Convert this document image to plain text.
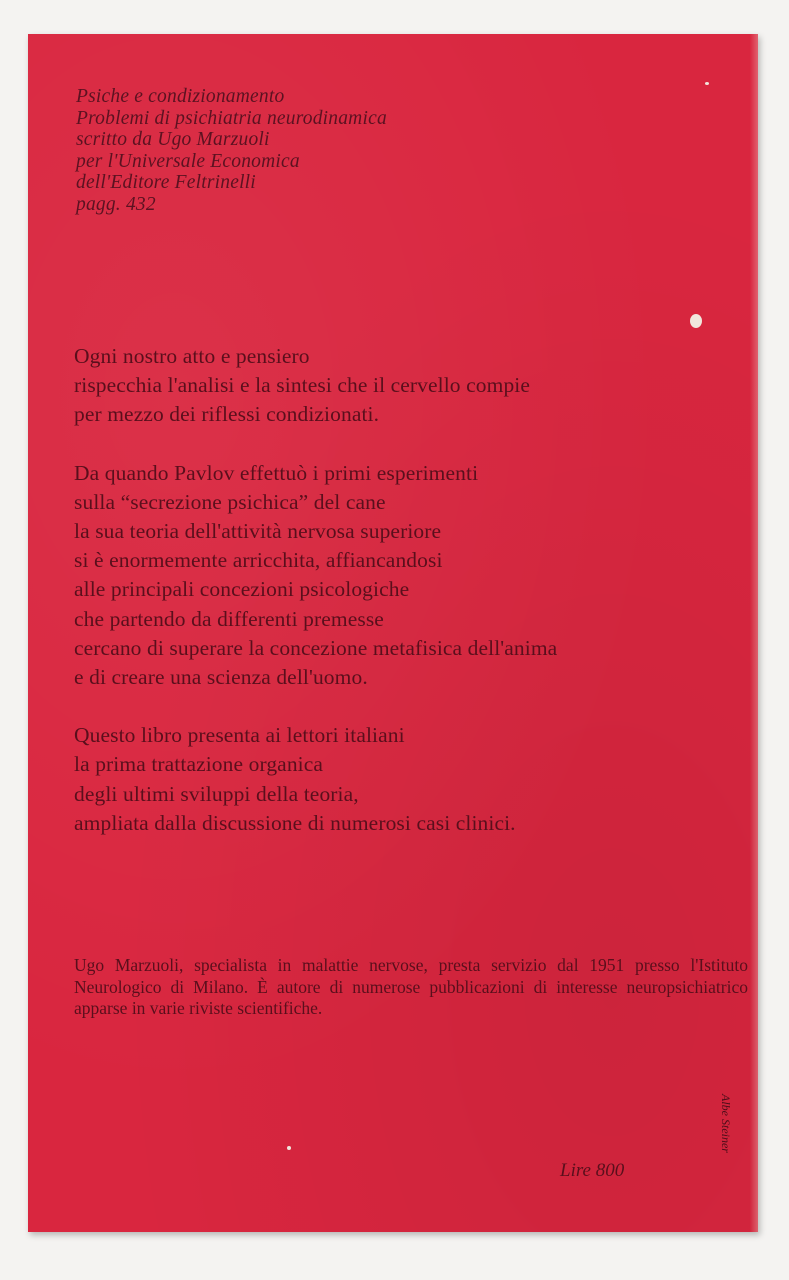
Psiche e condizionamento
Problemi di psichiatria neurodinamica
scritto da Ugo Marzuoli
per l'Universale Economica
dell'Editore Feltrinelli
pagg. 432
Ogni nostro atto e pensiero
rispecchia l'analisi e la sintesi che il cervello compie
per mezzo dei riflessi condizionati.
Da quando Pavlov effettuò i primi esperimenti
sulla “secrezione psichica” del cane
la sua teoria dell'attività nervosa superiore
si è enormemente arricchita, affiancandosi
alle principali concezioni psicologiche
che partendo da differenti premesse
cercano di superare la concezione metafisica dell'anima
e di creare una scienza dell'uomo.
Questo libro presenta ai lettori italiani
la prima trattazione organica
degli ultimi sviluppi della teoria,
ampliata dalla discussione di numerosi casi clinici.
Ugo Marzuoli, specialista in malattie nervose, presta servizio dal 1951 presso l'Istituto Neurologico di Milano. È autore di numerose pubblicazioni di interesse neuropsichiatrico apparse in varie riviste scientifiche.
Lire 800
Albe Steiner
